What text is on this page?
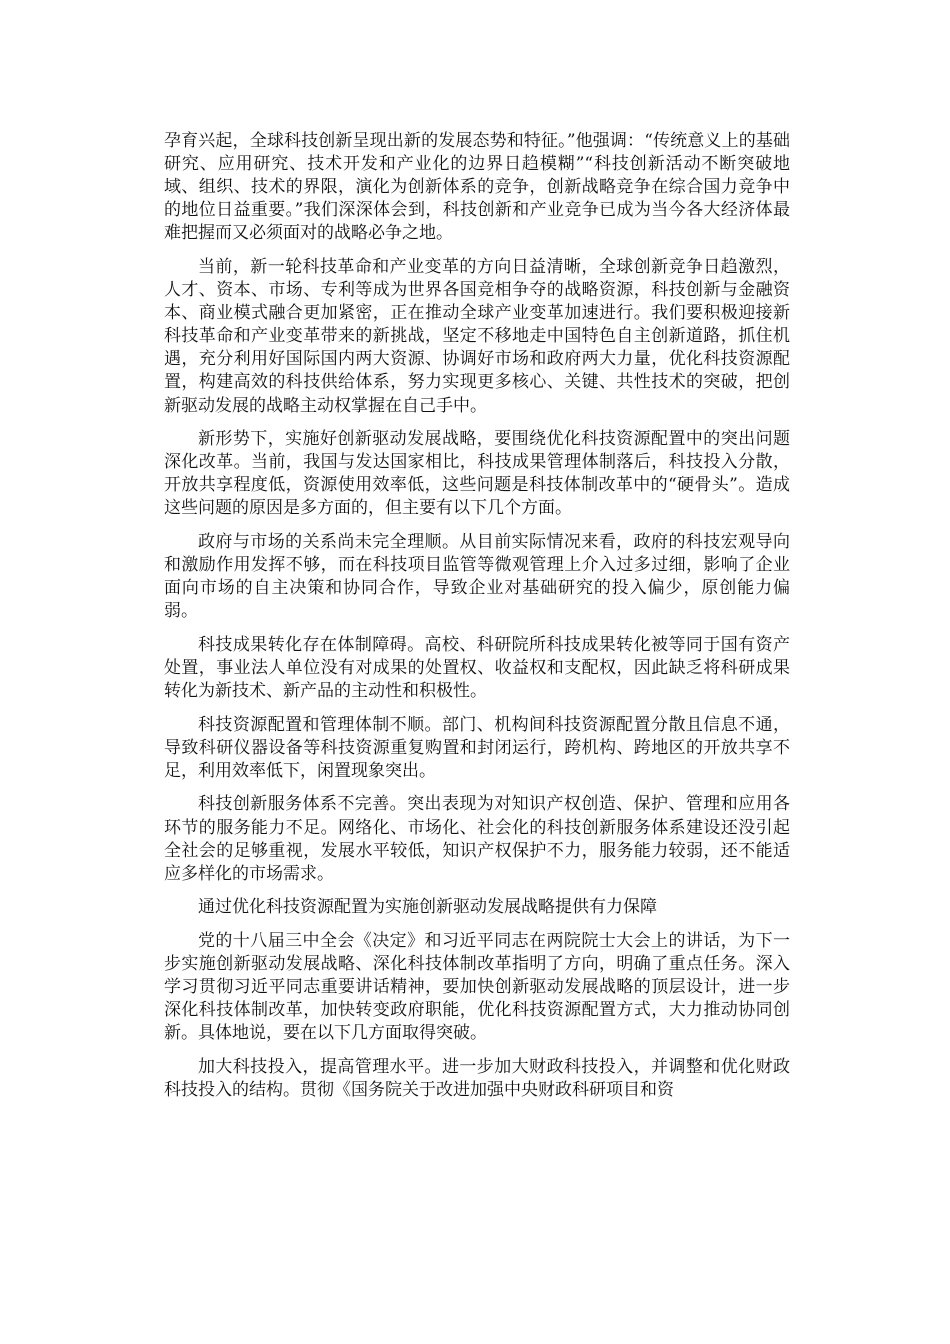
孕育兴起，全球科技创新呈现出新的发展态势和特征。”他强调：“传统意义上的基础研究、应用研究、技术开发和产业化的边界日趋模糊”“科技创新活动不断突破地域、组织、技术的界限，演化为创新体系的竞争，创新战略竞争在综合国力竞争中的地位日益重要。”我们深深体会到，科技创新和产业竞争已成为当今各大经济体最难把握而又必须面对的战略必争之地。

当前，新一轮科技革命和产业变革的方向日益清晰，全球创新竞争日趋激烈，人才、资本、市场、专利等成为世界各国竞相争夺的战略资源，科技创新与金融资本、商业模式融合更加紧密，正在推动全球产业变革加速进行。我们要积极迎接新科技革命和产业变革带来的新挑战，坚定不移地走中国特色自主创新道路，抓住机遇，充分利用好国际国内两大资源、协调好市场和政府两大力量，优化科技资源配置，构建高效的科技供给体系，努力实现更多核心、关键、共性技术的突破，把创新驱动发展的战略主动权掌握在自己手中。

新形势下，实施好创新驱动发展战略，要围绕优化科技资源配置中的突出问题深化改革。当前，我国与发达国家相比，科技成果管理体制落后，科技投入分散，开放共享程度低，资源使用效率低，这些问题是科技体制改革中的“硬骨头”。造成这些问题的原因是多方面的，但主要有以下几个方面。

政府与市场的关系尚未完全理顺。从目前实际情况来看，政府的科技宏观导向和激励作用发挥不够，而在科技项目监管等微观管理上介入过多过细，影响了企业面向市场的自主决策和协同合作，导致企业对基础研究的投入偏少，原创能力偏弱。

科技成果转化存在体制障碍。高校、科研院所科技成果转化被等同于国有资产处置，事业法人单位没有对成果的处置权、收益权和支配权，因此缺乏将科研成果转化为新技术、新产品的主动性和积极性。

科技资源配置和管理体制不顺。部门、机构间科技资源配置分散且信息不通，导致科研仪器设备等科技资源重复购置和封闭运行，跨机构、跨地区的开放共享不足，利用效率低下，闲置现象突出。

科技创新服务体系不完善。突出表现为对知识产权创造、保护、管理和应用各环节的服务能力不足。网络化、市场化、社会化的科技创新服务体系建设还没引起全社会的足够重视，发展水平较低，知识产权保护不力，服务能力较弱，还不能适应多样化的市场需求。

通过优化科技资源配置为实施创新驱动发展战略提供有力保障

党的十八届三中全会《决定》和习近平同志在两院院士大会上的讲话，为下一步实施创新驱动发展战略、深化科技体制改革指明了方向，明确了重点任务。深入学习贯彻习近平同志重要讲话精神，要加快创新驱动发展战略的顶层设计，进一步深化科技体制改革，加快转变政府职能，优化科技资源配置方式，大力推动协同创新。具体地说，要在以下几方面取得突破。

加大科技投入，提高管理水平。进一步加大财政科技投入，并调整和优化财政科技投入的结构。贯彻《国务院关于改进加强中央财政科研项目和资
